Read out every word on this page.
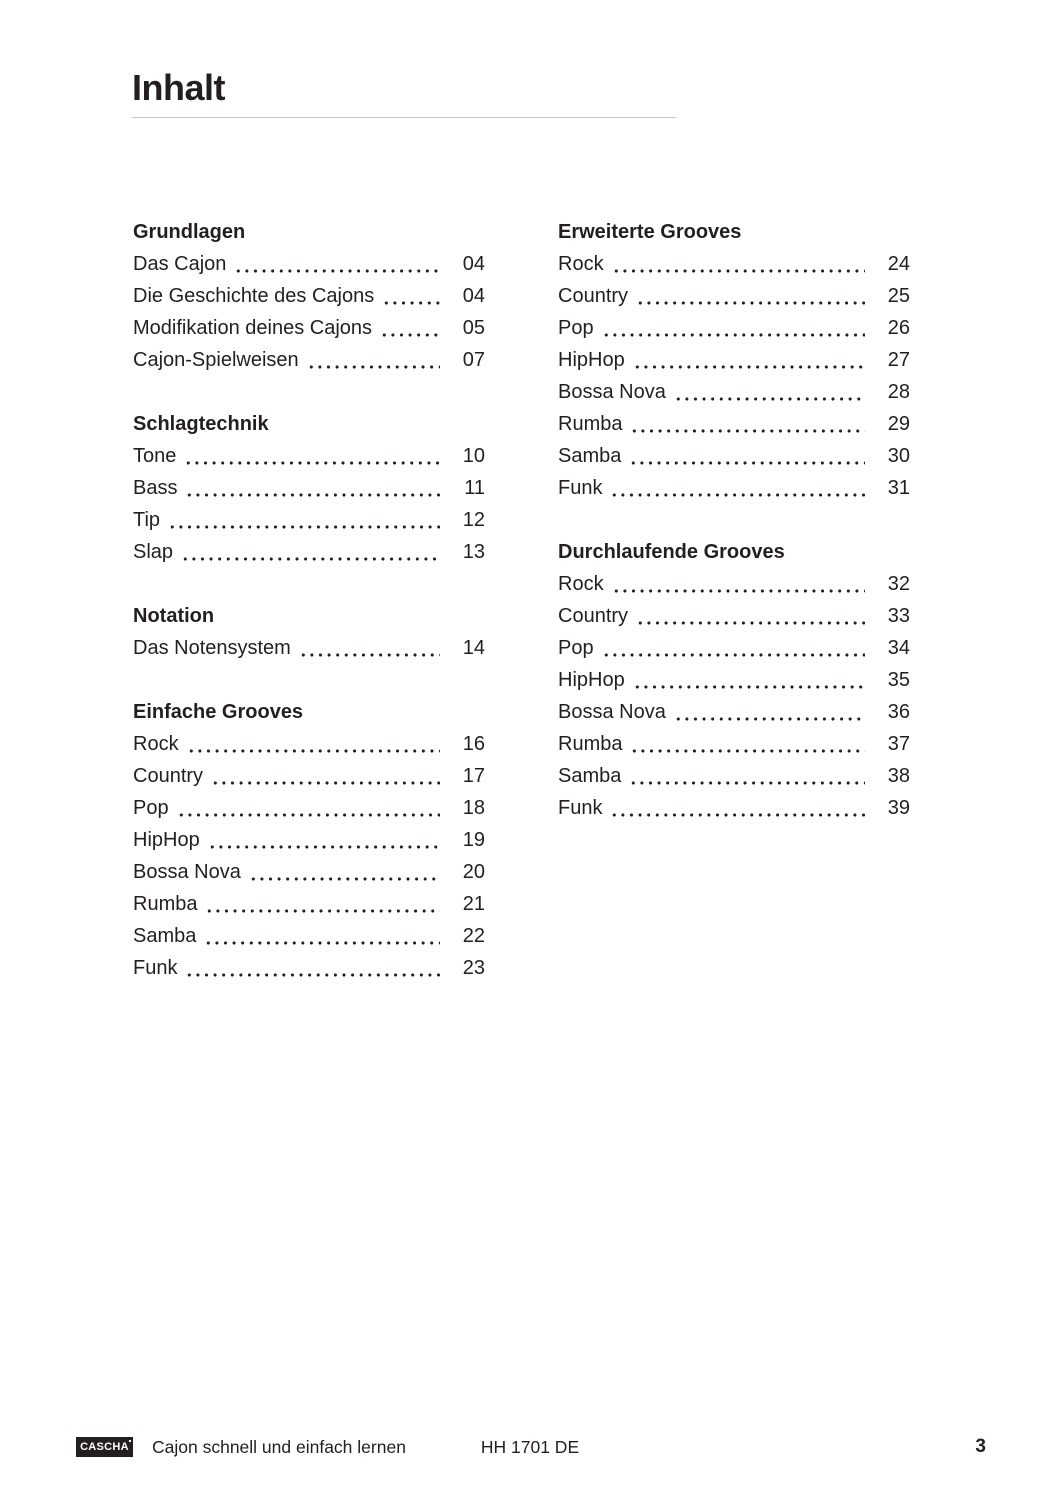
Inhalt
Grundlagen
Das Cajon	04
Die Geschichte des Cajons	04
Modifikation deines Cajons	05
Cajon-Spielweisen	07
Schlagtechnik
Tone	10
Bass	11
Tip	12
Slap	13
Notation
Das Notensystem	14
Einfache Grooves
Rock	16
Country	17
Pop	18
HipHop	19
Bossa Nova	20
Rumba	21
Samba	22
Funk	23
Erweiterte Grooves
Rock	24
Country	25
Pop	26
HipHop	27
Bossa Nova	28
Rumba	29
Samba	30
Funk	31
Durchlaufende Grooves
Rock	32
Country	33
Pop	34
HipHop	35
Bossa Nova	36
Rumba	37
Samba	38
Funk	39
CASCHA Cajon schnell und einfach lernen	HH 1701 DE	3
